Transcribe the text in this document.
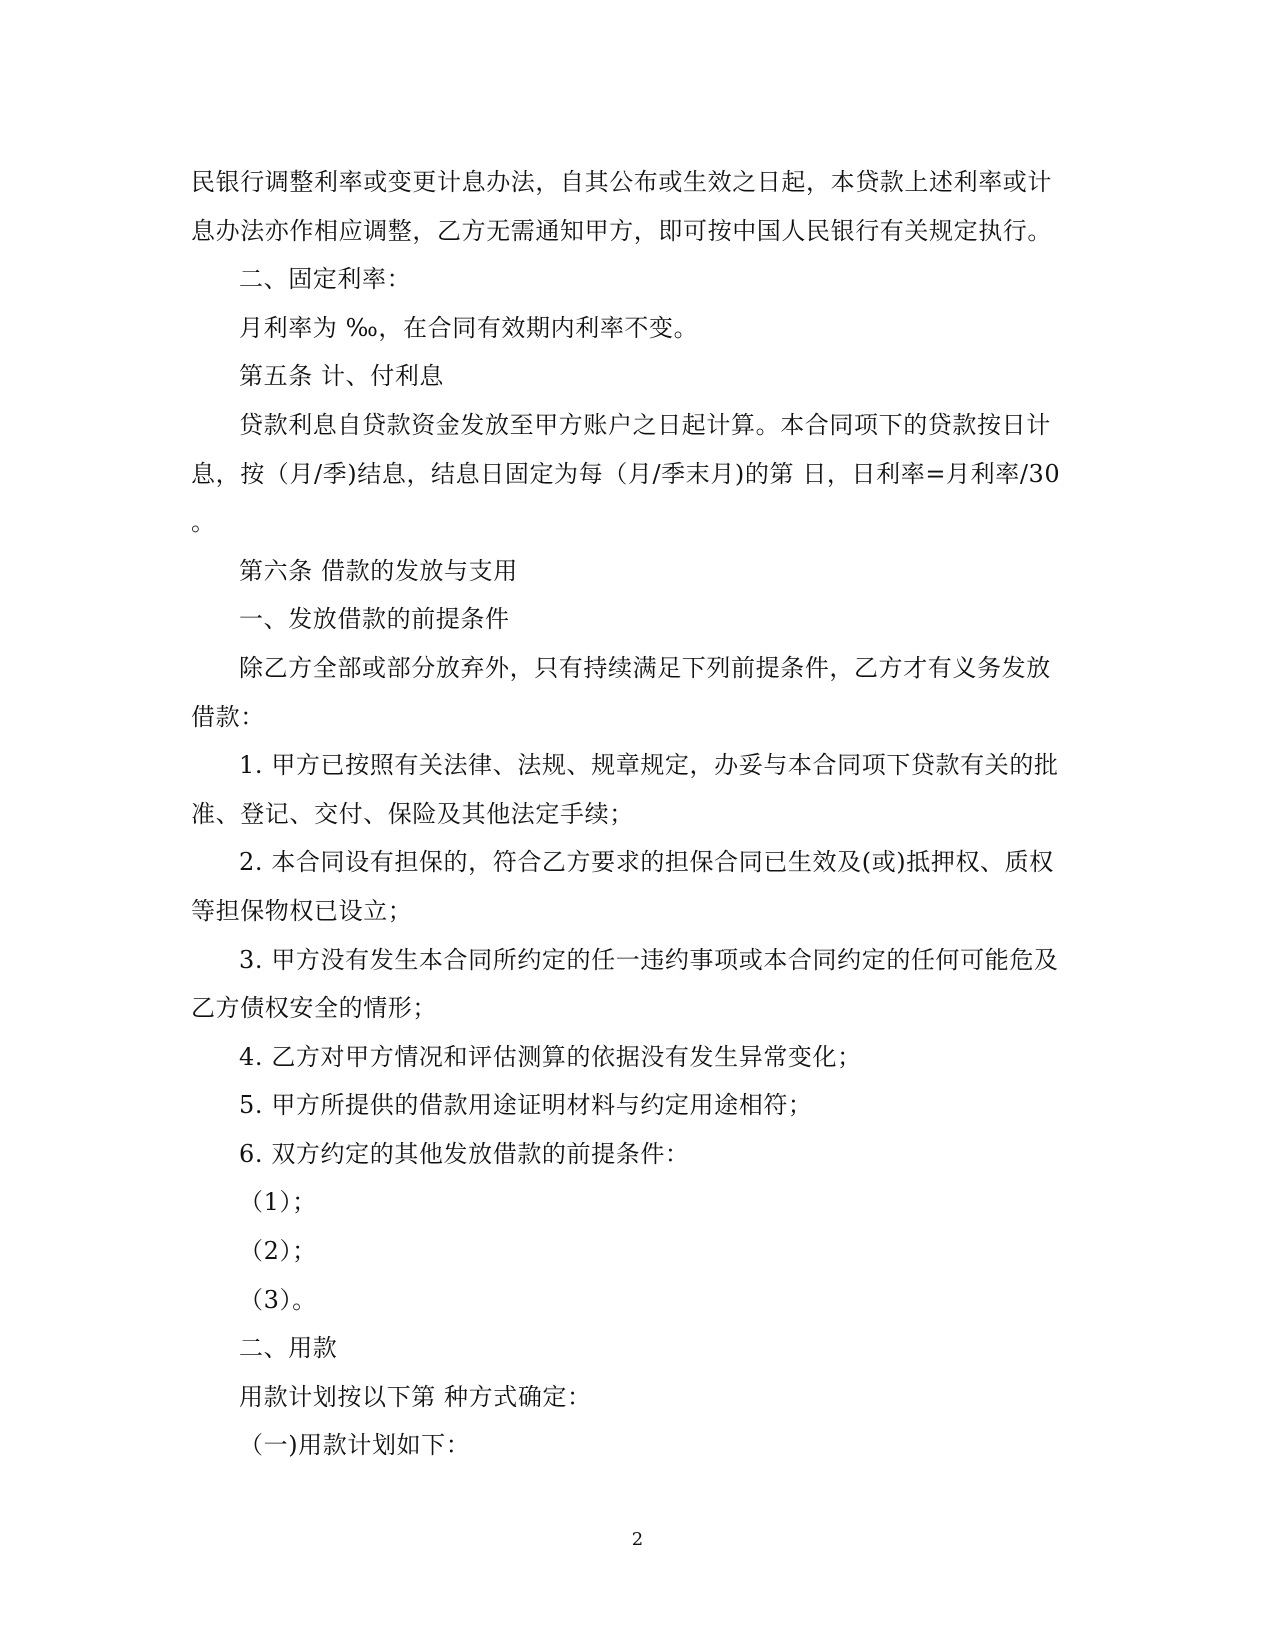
民银行调整利率或变更计息办法，自其公布或生效之日起，本贷款上述利率或计
息办法亦作相应调整，乙方无需通知甲方，即可按中国人民银行有关规定执行。
二、固定利率：
月利率为 ‰，在合同有效期内利率不变。
第五条 计、付利息
贷款利息自贷款资金发放至甲方账户之日起计算。本合同项下的贷款按日计
息，按（月/季)结息，结息日固定为每（月/季末月)的第 日，日利率=月利率/30
。
第六条 借款的发放与支用
一、发放借款的前提条件
除乙方全部或部分放弃外，只有持续满足下列前提条件，乙方才有义务发放
借款：
1. 甲方已按照有关法律、法规、规章规定，办妥与本合同项下贷款有关的批
准、登记、交付、保险及其他法定手续；
2. 本合同设有担保的，符合乙方要求的担保合同已生效及(或)抵押权、质权
等担保物权已设立；
3. 甲方没有发生本合同所约定的任一违约事项或本合同约定的任何可能危及
乙方债权安全的情形；
4. 乙方对甲方情况和评估测算的依据没有发生异常变化；
5. 甲方所提供的借款用途证明材料与约定用途相符；
6. 双方约定的其他发放借款的前提条件：
（1）；
（2）；
（3）。
二、用款
用款计划按以下第 种方式确定：
（一)用款计划如下：
2
